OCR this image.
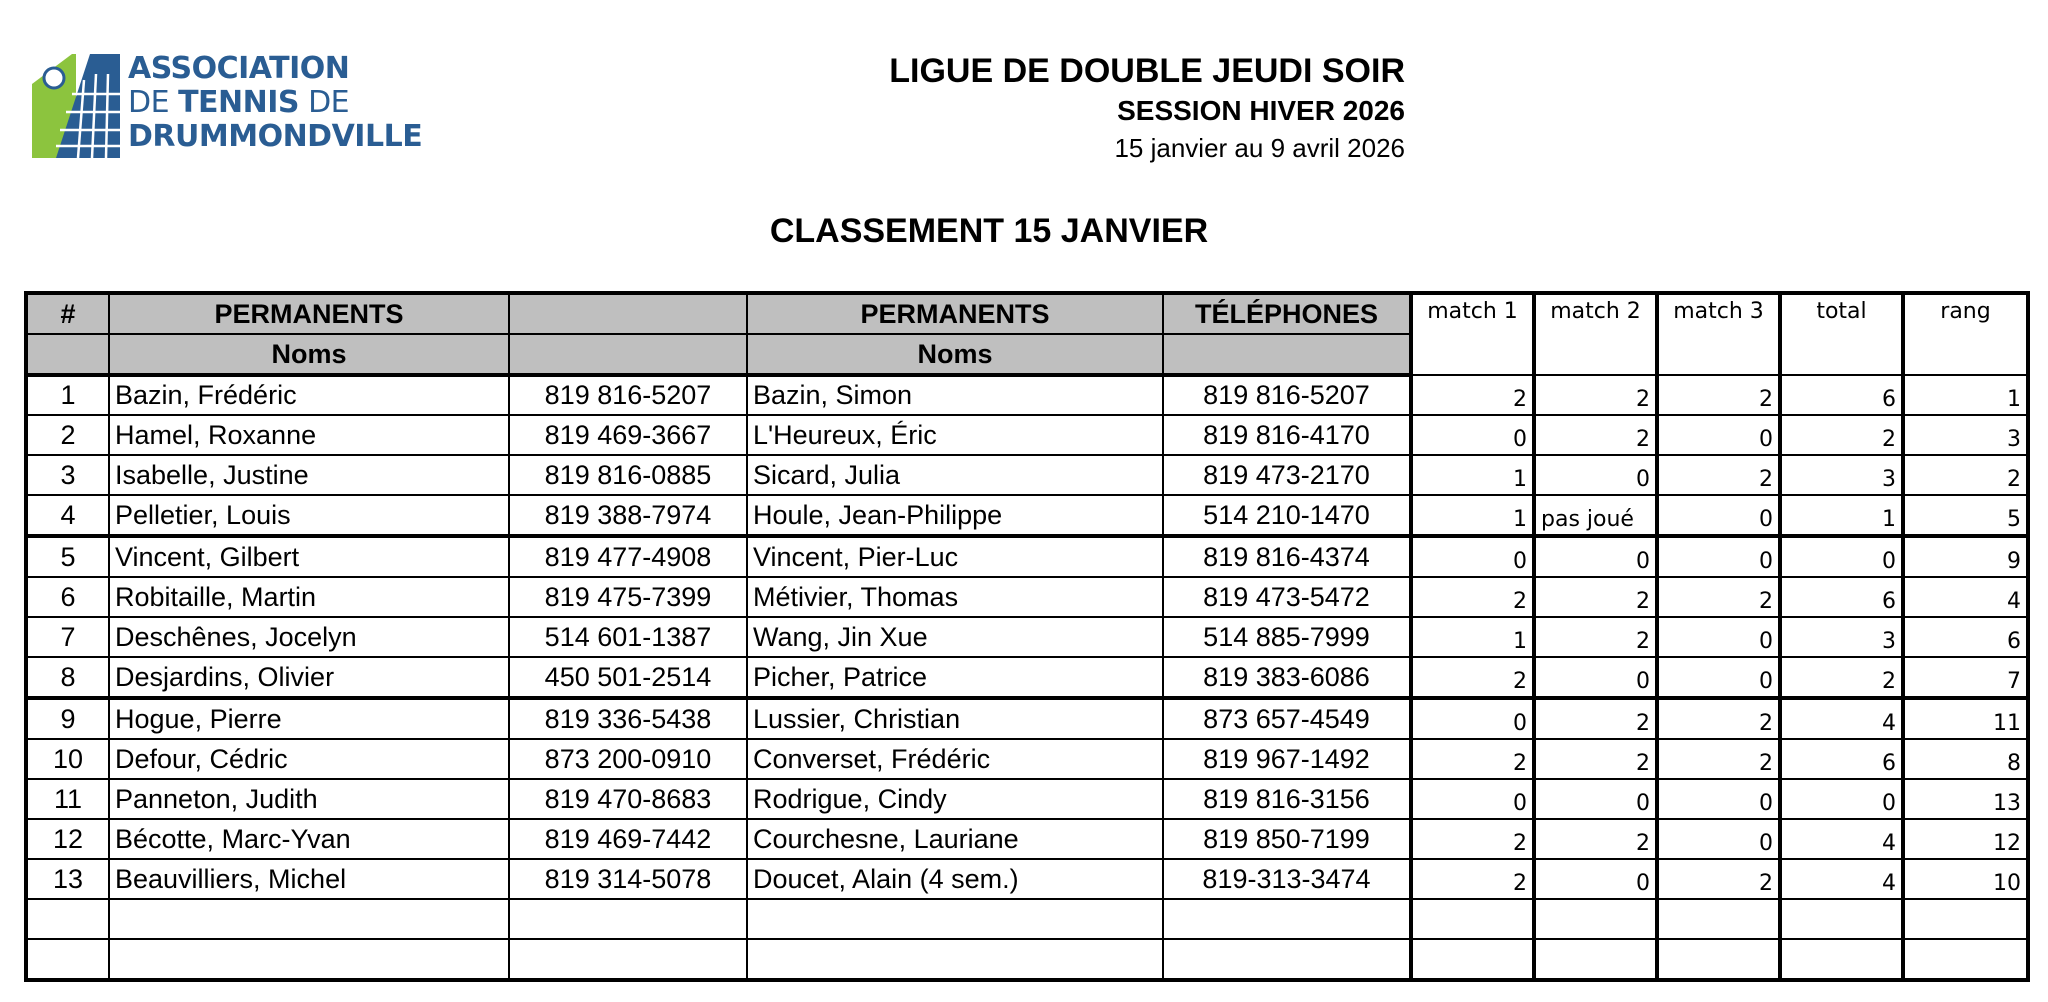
ASSOCIATION
DE TENNIS DE
DRUMMONDVILLE
LIGUE DE DOUBLE JEUDI SOIR
SESSION HIVER 2026
15 janvier au 9 avril 2026
CLASSEMENT 15 JANVIER
#	PERMANENTS		PERMANENTS	TÉLÉPHONES	match 1	match 2	match 3	total	rang
	Noms		Noms						
1	Bazin, Frédéric	819 816-5207	Bazin, Simon	819 816-5207	2	2	2	6	1
2	Hamel, Roxanne	819 469-3667	L'Heureux, Éric	819 816-4170	0	2	0	2	3
3	Isabelle, Justine	819 816-0885	Sicard, Julia	819 473-2170	1	0	2	3	2
4	Pelletier, Louis	819 388-7974	Houle, Jean-Philippe	514 210-1470	1	pas joué	0	1	5
5	Vincent, Gilbert	819 477-4908	Vincent, Pier-Luc	819 816-4374	0	0	0	0	9
6	Robitaille, Martin	819 475-7399	Métivier, Thomas	819 473-5472	2	2	2	6	4
7	Deschênes, Jocelyn	514 601-1387	Wang, Jin Xue	514 885-7999	1	2	0	3	6
8	Desjardins, Olivier	450 501-2514	Picher, Patrice	819 383-6086	2	0	0	2	7
9	Hogue, Pierre	819 336-5438	Lussier, Christian	873 657-4549	0	2	2	4	11
10	Defour, Cédric	873 200-0910	Converset, Frédéric	819 967-1492	2	2	2	6	8
11	Panneton, Judith	819 470-8683	Rodrigue, Cindy	819 816-3156	0	0	0	0	13
12	Bécotte, Marc-Yvan	819 469-7442	Courchesne, Lauriane	819 850-7199	2	2	0	4	12
13	Beauvilliers, Michel	819 314-5078	Doucet, Alain (4 sem.)	819-313-3474	2	0	2	4	10
